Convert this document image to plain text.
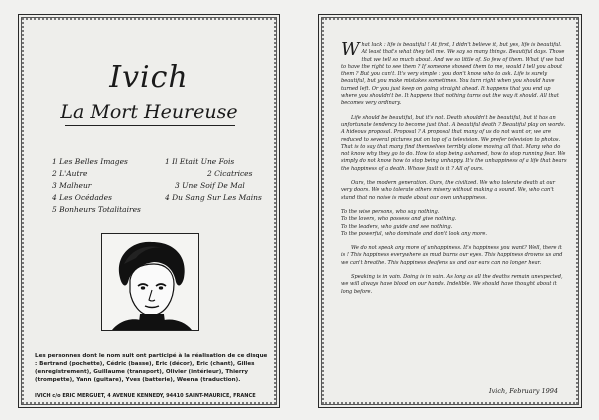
Ivich
La Mort Heureuse
1 Les Belles Images
2 L'Autre
3 Malheur
4 Les Océdades
5 Bonheurs Totalitaires
1 Il Etait Une Fois
2 Cicatrices
3 Une Soif De Mal
4 Du Sang Sur Les Mains
Les personnes dont le nom suit ont participé à la réalisation de ce disque : Bertrand (pochette), Cédric (basse), Eric (décor), Eric (chant), Gilles (enregistrement), Guillaume (transport), Olivier (intérieur), Thierry (trompette), Yann (guitare), Yves (batterie), Weena (traduction).
IVICH c/o ERIC MERGUET, 4 AVENUE KENNEDY, 94410 SAINT-MAURICE, FRANCE

What luck : life is beautiful ! At first, I didn't believe it, but yes, life is beautiful. At least that's what they tell me. We say so many things. Beautiful days. Those that we tell so much about. And we so little of. So few of them. What if we had to have the right to see them ? If someone showed them to me, would I tell you about them ? But you can't. It's very simple : you don't know who to ask. Life is surely beautiful, but you make mistakes sometimes. You turn right when you should have turned left. Or you just keep on going straight ahead. It happens that you end up where you shouldn't be. It happens that nothing turns out the way it should. All that becomes very ordinary.

Life should be beautiful, but it's not. Death shouldn't be beautiful, but it has an unfortunate tendency to become just that. A beautiful death ? Beautiful play on words. A hideous proposal. Proposal ? A proposal that many of us do not want or, we are reduced to several pictures put on top of a television. We prefer television to photos. That is to say that many find themselves terribly alone moving all that. Many who do not know why they go to do. How to stop being ashamed, how to stop running fear. We simply do not know how to stop being unhappy. It's the unhappiness of a life that bears the happiness of a death. Whose fault is it ? All of ours.

Ours, the modern generation. Ours, the civilized. We who tolerate death at our very doors. We who tolerate others misery without making a sound. We, who can't stand that no noise is made about our own unhappiness.

To the wise persons, who say nothing.
To the lovers, who possess and give nothing.
To the leaders, who guide and see nothing.
To the powerful, who dominate and don't look any more.

We do not speak any more of unhappiness. It's happiness you want? Well, there it is ! This happiness everywhere as mud burns our eyes. This happiness drowns us and we can't breathe. This happiness deafens us and our ears can no longer hear.

Speaking is in vain. Doing is in vain. As long as all the deaths remain unexpected, we will always have blood on our hands. Indelible. We should have thought about it long before.

Ivich, February 1994
